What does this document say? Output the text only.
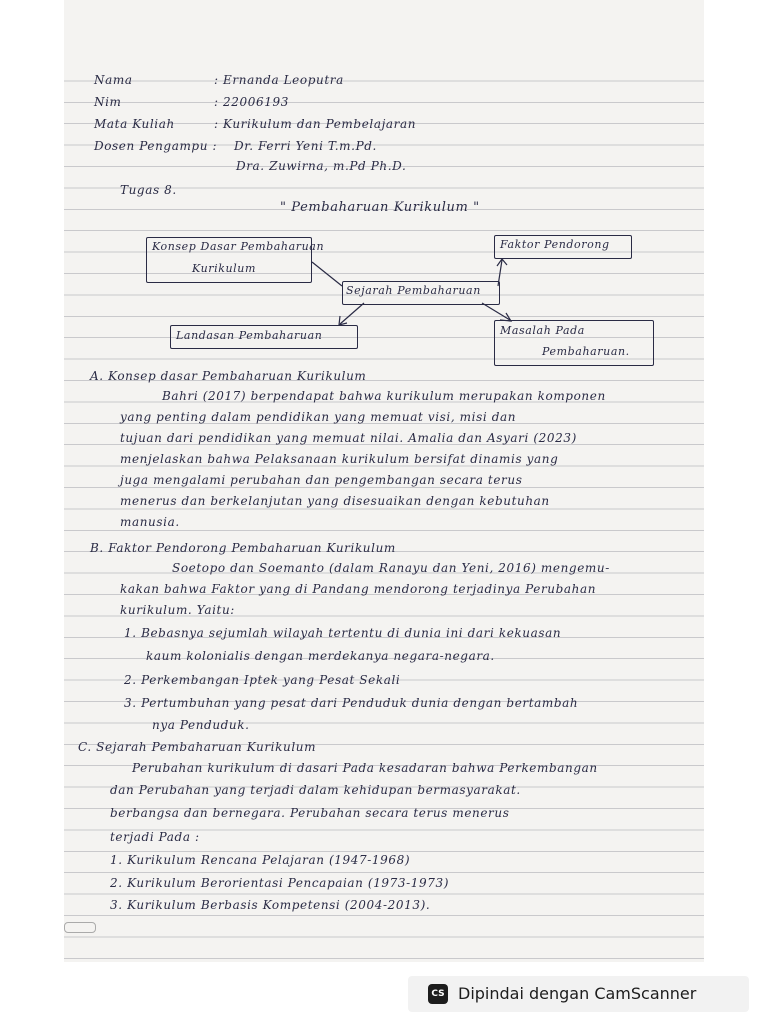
Nama	: Ernanda Leoputra
Nim	: 22006193
Mata Kuliah	: Kurikulum dan Pembelajaran
Dosen Pengampu : Dr. Ferri Yeni T.m.Pd.
Dra. Zuwirna, m.Pd Ph.D.
Tugas 8.
" Pembaharuan Kurikulum "
Konsep Dasar Pembaharuan
Kurikulum
Faktor Pendorong
Sejarah Pembaharuan
Landasan Pembaharuan	Masalah Pada
Pembaharuan.
A. Konsep dasar Pembaharuan Kurikulum
Bahri (2017) berpendapat bahwa kurikulum merupakan komponen
yang penting dalam pendidikan yang memuat visi, misi dan
tujuan dari pendidikan yang memuat nilai. Amalia dan Asyari (2023)
menjelaskan bahwa Pelaksanaan kurikulum bersifat dinamis yang
juga mengalami perubahan dan pengembangan secara terus
menerus dan berkelanjutan yang disesuaikan dengan kebutuhan
manusia.
B. Faktor Pendorong Pembaharuan Kurikulum
Soetopo dan Soemanto (dalam Ranayu dan Yeni, 2016) mengemu-
kakan bahwa Faktor yang di Pandang mendorong terjadinya Perubahan
kurikulum. Yaitu:
1. Bebasnya sejumlah wilayah tertentu di dunia ini dari kekuasan
kaum kolonialis dengan merdekanya negara-negara.
2. Perkembangan Iptek yang Pesat Sekali
3. Pertumbuhan yang pesat dari Penduduk dunia dengan bertambah
nya Penduduk.
C. Sejarah Pembaharuan Kurikulum
Perubahan kurikulum di dasari Pada kesadaran bahwa Perkembangan
dan Perubahan yang terjadi dalam kehidupan bermasyarakat.
berbangsa dan bernegara. Perubahan secara terus menerus
terjadi Pada :
1. Kurikulum Rencana Pelajaran (1947-1968)
2. Kurikulum Berorientasi Pencapaian (1973-1973)
3. Kurikulum Berbasis Kompetensi (2004-2013).
CS Dipindai dengan CamScanner
